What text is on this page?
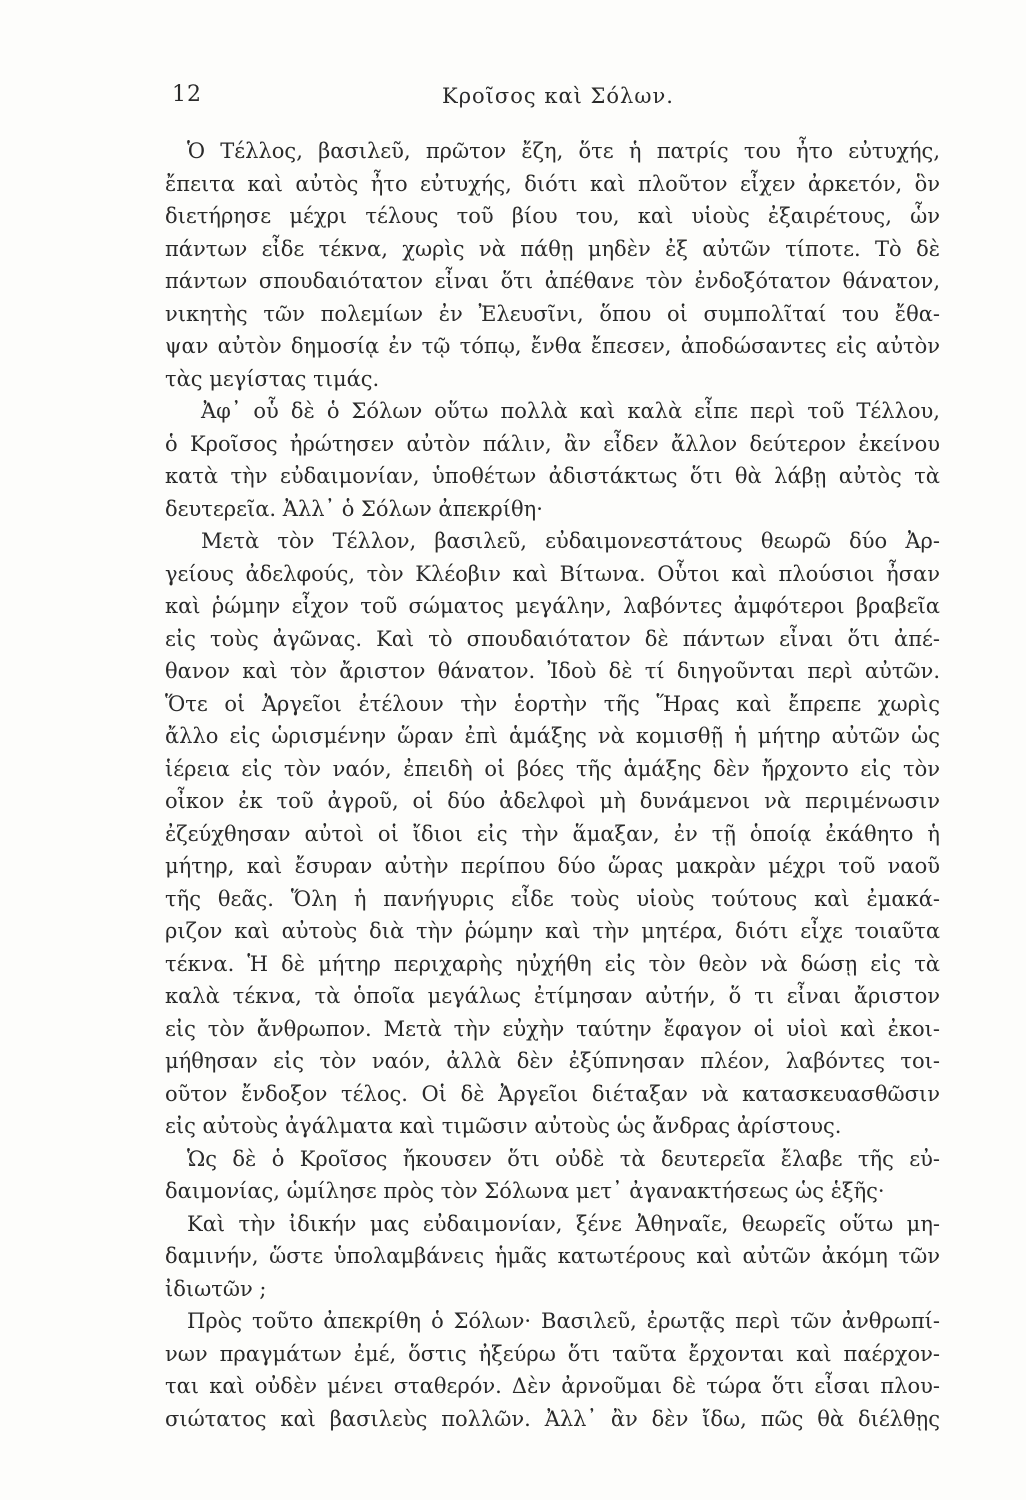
12	Κροῖσος καὶ Σόλων.
Ὁ Τέλλος, βασιλεῦ, πρῶτον ἔζη, ὅτε ἡ πατρίς του ἦτο εὐτυχής,
ἔπειτα καὶ αὐτὸς ἦτο εὐτυχής, διότι καὶ πλοῦτον εἶχεν ἀρκετόν, ὃν
διετήρησε μέχρι τέλους τοῦ βίου του, καὶ υἱοὺς ἐξαιρέτους, ὧν
πάντων εἶδε τέκνα, χωρὶς νὰ πάθῃ μηδὲν ἐξ αὐτῶν τίποτε. Τὸ δὲ
πάντων σπουδαιότατον εἶναι ὅτι ἀπέθανε τὸν ἐνδοξότατον θάνατον,
νικητὴς τῶν πολεμίων ἐν Ἐλευσῖνι, ὅπου οἱ συμπολῖταί του ἔθα-
ψαν αὐτὸν δημοσίᾳ ἐν τῷ τόπῳ, ἔνθα ἔπεσεν, ἀποδώσαντες εἰς αὐτὸν
τὰς μεγίστας τιμάς.
Ἀφ᾽ οὗ δὲ ὁ Σόλων οὕτω πολλὰ καὶ καλὰ εἶπε περὶ τοῦ Τέλλου,
ὁ Κροῖσος ἠρώτησεν αὐτὸν πάλιν, ἂν εἶδεν ἄλλον δεύτερον ἐκείνου
κατὰ τὴν εὐδαιμονίαν, ὑποθέτων ἀδιστάκτως ὅτι θὰ λάβῃ αὐτὸς τὰ
δευτερεῖα. Ἀλλ᾽ ὁ Σόλων ἀπεκρίθη·
Μετὰ τὸν Τέλλον, βασιλεῦ, εὐδαιμονεστάτους θεωρῶ δύο Ἀρ-
γείους ἀδελφούς, τὸν Κλέοβιν καὶ Βίτωνα. Οὗτοι καὶ πλούσιοι ἦσαν
καὶ ῥώμην εἶχον τοῦ σώματος μεγάλην, λαβόντες ἀμφότεροι βραβεῖα
εἰς τοὺς ἀγῶνας. Καὶ τὸ σπουδαιότατον δὲ πάντων εἶναι ὅτι ἀπέ-
θανον καὶ τὸν ἄριστον θάνατον. Ἰδοὺ δὲ τί διηγοῦνται περὶ αὐτῶν.
Ὅτε οἱ Ἀργεῖοι ἐτέλουν τὴν ἑορτὴν τῆς Ἥρας καὶ ἔπρεπε χωρὶς
ἄλλο εἰς ὡρισμένην ὥραν ἐπὶ ἁμάξης νὰ κομισθῇ ἡ μήτηρ αὐτῶν ὡς
ἱέρεια εἰς τὸν ναόν, ἐπειδὴ οἱ βόες τῆς ἁμάξης δὲν ἤρχοντο εἰς τὸν
οἶκον ἐκ τοῦ ἀγροῦ, οἱ δύο ἀδελφοὶ μὴ δυνάμενοι νὰ περιμένωσιν
ἐζεύχθησαν αὐτοὶ οἱ ἴδιοι εἰς τὴν ἅμαξαν, ἐν τῇ ὁποίᾳ ἐκάθητο ἡ
μήτηρ, καὶ ἔσυραν αὐτὴν περίπου δύο ὥρας μακρὰν μέχρι τοῦ ναοῦ
τῆς θεᾶς. Ὅλη ἡ πανήγυρις εἶδε τοὺς υἱοὺς τούτους καὶ ἐμακά-
ριζον καὶ αὐτοὺς διὰ τὴν ῥώμην καὶ τὴν μητέρα, διότι εἶχε τοιαῦτα
τέκνα. Ἡ δὲ μήτηρ περιχαρὴς ηὐχήθη εἰς τὸν θεὸν νὰ δώσῃ εἰς τὰ
καλὰ τέκνα, τὰ ὁποῖα μεγάλως ἐτίμησαν αὐτήν, ὅ τι εἶναι ἄριστον
εἰς τὸν ἄνθρωπον. Μετὰ τὴν εὐχὴν ταύτην ἔφαγον οἱ υἱοὶ καὶ ἐκοι-
μήθησαν εἰς τὸν ναόν, ἀλλὰ δὲν ἐξύπνησαν πλέον, λαβόντες τοι-
οῦτον ἔνδοξον τέλος. Οἱ δὲ Ἀργεῖοι διέταξαν νὰ κατασκευασθῶσιν
εἰς αὐτοὺς ἀγάλματα καὶ τιμῶσιν αὐτοὺς ὡς ἄνδρας ἀρίστους.
Ὡς δὲ ὁ Κροῖσος ἤκουσεν ὅτι οὐδὲ τὰ δευτερεῖα ἔλαβε τῆς εὐ-
δαιμονίας, ὡμίλησε πρὸς τὸν Σόλωνα μετ᾽ ἀγανακτήσεως ὡς ἑξῆς·
Καὶ τὴν ἰδικήν μας εὐδαιμονίαν, ξένε Ἀθηναῖε, θεωρεῖς οὕτω μη-
δαμινήν, ὥστε ὑπολαμβάνεις ἡμᾶς κατωτέρους καὶ αὐτῶν ἀκόμη τῶν
ἰδιωτῶν ;
Πρὸς τοῦτο ἀπεκρίθη ὁ Σόλων· Βασιλεῦ, ἐρωτᾷς περὶ τῶν ἀνθρωπί-
νων πραγμάτων ἐμέ, ὅστις ἠξεύρω ὅτι ταῦτα ἔρχονται καὶ παέρχον-
ται καὶ οὐδὲν μένει σταθερόν. Δὲν ἀρνοῦμαι δὲ τώρα ὅτι εἶσαι πλου-
σιώτατος καὶ βασιλεὺς πολλῶν. Ἀλλ᾽ ἂν δὲν ἴδω, πῶς θὰ διέλθῃς
